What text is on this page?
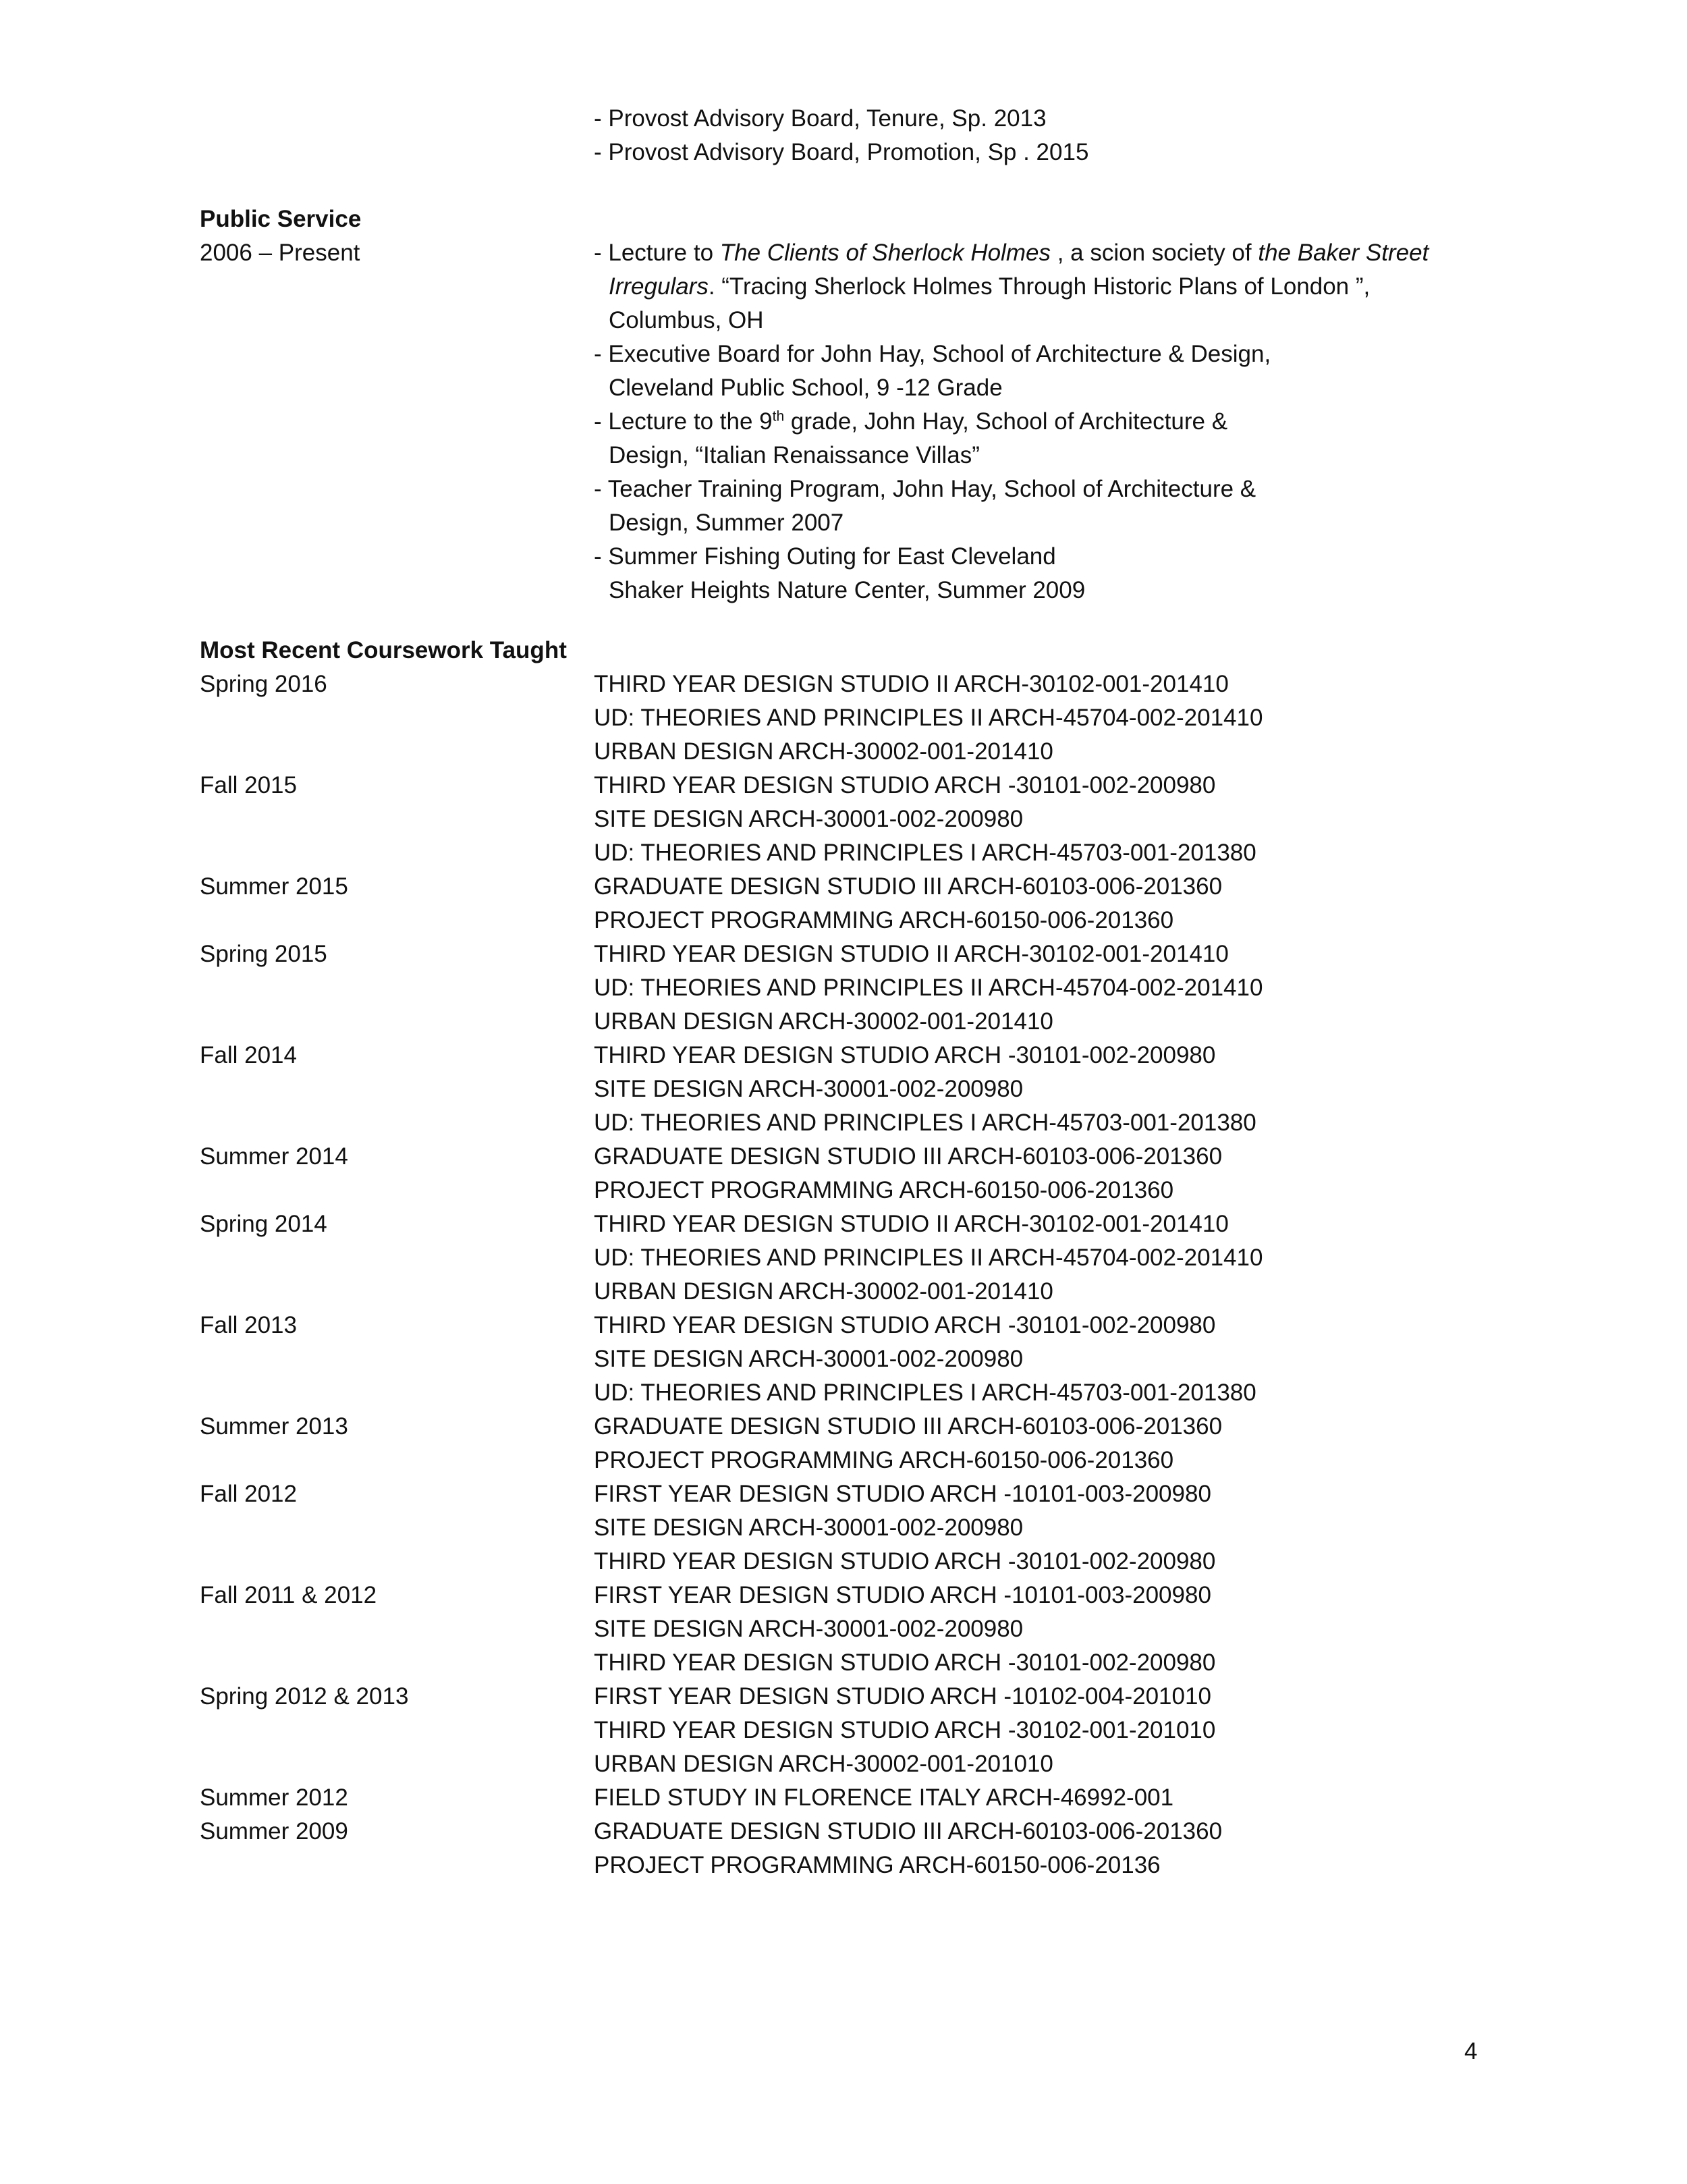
- Provost Advisory Board, Tenure, Sp. 2013
- Provost Advisory Board, Promotion, Sp . 2015
Public Service
2006 – Present	- Lecture to The Clients of Sherlock Holmes , a scion society of the Baker Street
Irregulars. “Tracing Sherlock Holmes Through Historic Plans of London ”,
Columbus, OH
- Executive Board for John Hay, School of Architecture & Design,
Cleveland Public School, 9 -12 Grade
- Lecture to the 9th grade, John Hay, School of Architecture &
Design, “Italian Renaissance Villas”
- Teacher Training Program, John Hay, School of Architecture &
Design, Summer 2007
- Summer Fishing Outing for East Cleveland
Shaker Heights Nature Center, Summer 2009
Most Recent Coursework Taught
Spring 2016	THIRD YEAR DESIGN STUDIO II ARCH-30102-001-201410
UD: THEORIES AND PRINCIPLES II ARCH-45704-002-201410
URBAN DESIGN ARCH-30002-001-201410
Fall 2015	THIRD YEAR DESIGN STUDIO ARCH -30101-002-200980
SITE DESIGN ARCH-30001-002-200980
UD: THEORIES AND PRINCIPLES I ARCH-45703-001-201380
Summer 2015	GRADUATE DESIGN STUDIO III ARCH-60103-006-201360
PROJECT PROGRAMMING ARCH-60150-006-201360
Spring 2015	THIRD YEAR DESIGN STUDIO II ARCH-30102-001-201410
UD: THEORIES AND PRINCIPLES II ARCH-45704-002-201410
URBAN DESIGN ARCH-30002-001-201410
Fall 2014	THIRD YEAR DESIGN STUDIO ARCH -30101-002-200980
SITE DESIGN ARCH-30001-002-200980
UD: THEORIES AND PRINCIPLES I ARCH-45703-001-201380
Summer 2014	GRADUATE DESIGN STUDIO III ARCH-60103-006-201360
PROJECT PROGRAMMING ARCH-60150-006-201360
Spring 2014	THIRD YEAR DESIGN STUDIO II ARCH-30102-001-201410
UD: THEORIES AND PRINCIPLES II ARCH-45704-002-201410
URBAN DESIGN ARCH-30002-001-201410
Fall 2013	THIRD YEAR DESIGN STUDIO ARCH -30101-002-200980
SITE DESIGN ARCH-30001-002-200980
UD: THEORIES AND PRINCIPLES I ARCH-45703-001-201380
Summer 2013	GRADUATE DESIGN STUDIO III ARCH-60103-006-201360
PROJECT PROGRAMMING ARCH-60150-006-201360
Fall 2012	FIRST YEAR DESIGN STUDIO ARCH -10101-003-200980
SITE DESIGN ARCH-30001-002-200980
THIRD YEAR DESIGN STUDIO ARCH -30101-002-200980
Fall 2011 & 2012	FIRST YEAR DESIGN STUDIO ARCH -10101-003-200980
SITE DESIGN ARCH-30001-002-200980
THIRD YEAR DESIGN STUDIO ARCH -30101-002-200980
Spring 2012 & 2013	FIRST YEAR DESIGN STUDIO ARCH -10102-004-201010
THIRD YEAR DESIGN STUDIO ARCH -30102-001-201010
URBAN DESIGN ARCH-30002-001-201010
Summer 2012	FIELD STUDY IN FLORENCE ITALY ARCH-46992-001
Summer 2009	GRADUATE DESIGN STUDIO III ARCH-60103-006-201360
PROJECT PROGRAMMING ARCH-60150-006-20136
4
